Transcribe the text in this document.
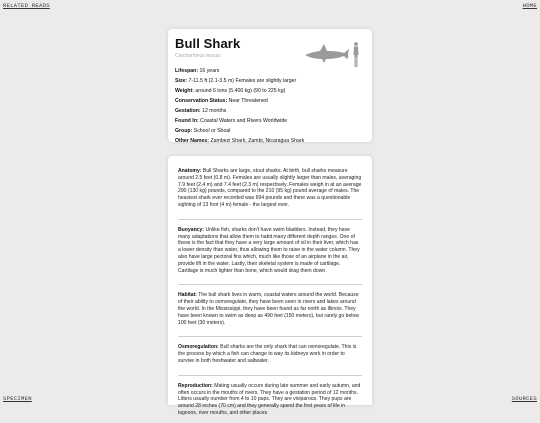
RELATED READS	HOME
SPECIMEN	SOURCES
Bull Shark
Carcharhinus leucas
Lifespan: 16 years
Size: 7-11.5 ft (2.1-3.5 m) Females are slightly larger
Weight: around 6 tons (5,400 kg) (90 to 225 kg)
Conservation Status: Near Threatened
Gestation: 12 months
Found In: Coastal Waters and Rivers Worldwide
Group: School or Shoal
Other Names: Zambezi Shark, Zambi, Nicaragua Shark
Anatomy: Bull Sharks are large, stout sharks. At birth, bull sharks measure around 2.5 feet (0.8 m). Females are usually slightly larger than males, averaging 7.9 feet (2.4 m) and 7.4 feet (2.3 m) respectively. Females weigh in at an average 290 (130 kg) pounds, compared to the 210 (95 kg) pound average of males. The heaviest shark ever recorded was 694 pounds and there was a questionable sighting of 13 foot (4 m) female - the largest ever.
Buoyancy: Unlike fish, sharks don't have swim bladders. Instead, they have many adaptations that allow them to habit many different depth ranges. One of these is the fact that they have a very large amount of oil in their liver, which has a lower density than water, thus allowing them to raise in the water column. They also have large pectoral fins which, much like those of an airplane in the air, provide lift in the water. Lastly, their skeletal system is made of cartilage. Cartilage is much lighter than bone, which would drag them down.
Habitat: The bull shark lives in warm, coastal waters around the world. Because of their ability to osmoregulate, they have been seen in rivers and lakes around the world. In the Mississippi, they have been found as far north as Illinois. They have been known to swim as deep as 490 feet (150 meters), but rarely go below 100 feet (30 meters).
Osmoregulation: Bull sharks are the only shark that can osmoregulate. This is the process by which a fish can change to way its kidneys work in order to survive in both freshwater and saltwater.
Reproduction: Mating usually occurs during late summer and early autumn, and often occurs in the mouths of rivers. They have a gestation period of 12 months. Litters usually number from 4 to 10 pups. They are viviparous. They pups are around 28 inches (70 cm) and they generally spend the first years of life in lagoons, river mouths, and other places
